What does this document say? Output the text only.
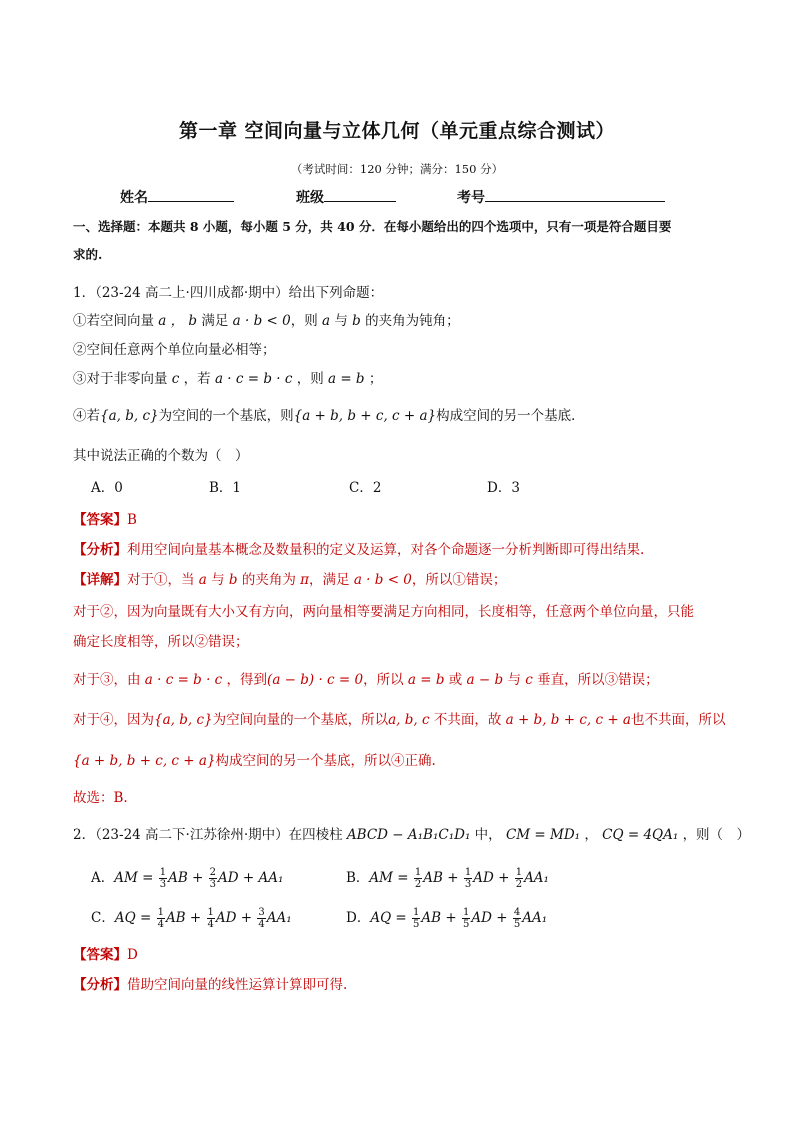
第一章 空间向量与立体几何（单元重点综合测试）
（考试时间：120 分钟；满分：150 分）
姓名	班级	考号
一、选择题：本题共 8 小题，每小题 5 分，共 40 分．在每小题给出的四个选项中，只有一项是符合题目要
求的.
1．（23-24 高二上·四川成都·期中）给出下列命题：
①若空间向量 a ， b 满足 a · b < 0，则 a 与 b 的夹角为钝角；
②空间任意两个单位向量必相等；
③对于非零向量 c ，若 a · c = b · c ，则 a = b ；
④若{a, b, c}为空间的一个基底，则{a + b, b + c, c + a}构成空间的另一个基底．
其中说法正确的个数为（　）
A．0	B．1	C．2	D．3
【答案】B
【分析】利用空间向量基本概念及数量积的定义及运算，对各个命题逐一分析判断即可得出结果.
【详解】对于①，当 a 与 b 的夹角为 π，满足 a · b < 0，所以①错误；
对于②，因为向量既有大小又有方向，两向量相等要满足方向相同，长度相等，任意两个单位向量，只能
确定长度相等，所以②错误；
对于③，由 a · c = b · c ，得到(a − b) · c = 0，所以 a = b 或 a − b 与 c 垂直，所以③错误；
对于④，因为{a, b, c}为空间向量的一个基底，所以a, b, c 不共面，故 a + b, b + c, c + a也不共面，所以
{a + b, b + c, c + a}构成空间的另一个基底，所以④正确.
故选：B.
2．（23-24 高二下·江苏徐州·期中）在四棱柱 ABCD − A₁B₁C₁D₁ 中， CM = MD₁ ， CQ = 4QA₁ ，则（　）
A．AM = $\frac{1}{3}$ AB + $\frac{2}{3}$ AD + AA₁	B．AM = $\frac{1}{2}$ AB + $\frac{1}{3}$ AD + $\frac{1}{2} AA_1$
C．AQ = $\frac{1}{4}$ AB + $\frac{1}{4}$ AD + $\frac{3}{4} AA_1$	D．AQ = $\frac{1}{5}$ AB + $\frac{1}{5}$ AD + $\frac{4}{5} AA_1$
【答案】D
【分析】借助空间向量的线性运算计算即可得.
